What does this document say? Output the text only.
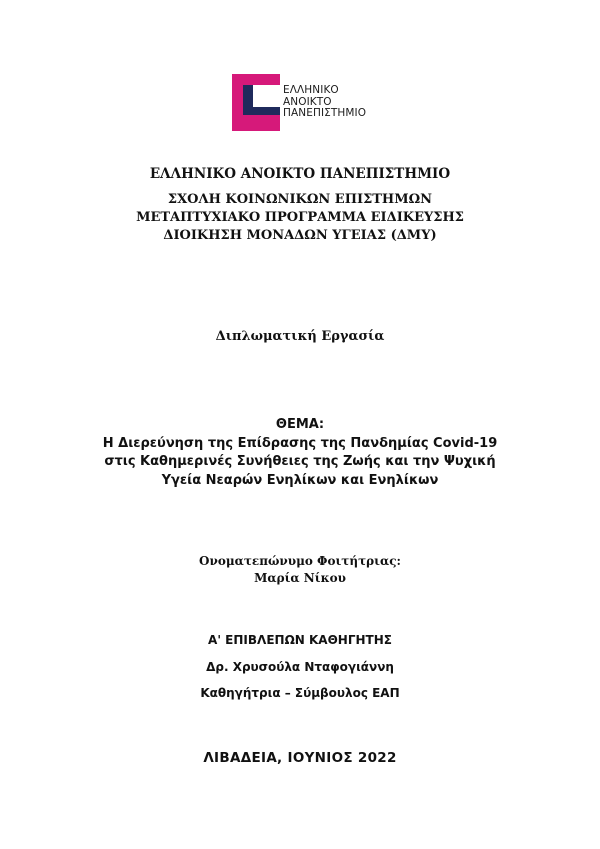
ΕΛΛΗΝΙΚΟ
ΑΝΟΙΚΤΟ
ΠΑΝΕΠΙΣΤΗΜΙΟ
ΕΛΛΗΝΙΚΟ ΑΝΟΙΚΤΟ ΠΑΝΕΠΙΣΤΗΜΙΟ
ΣΧΟΛΗ ΚΟΙΝΩΝΙΚΩΝ ΕΠΙΣΤΗΜΩΝ
ΜΕΤΑΠΤΥΧΙΑΚΟ ΠΡΟΓΡΑΜΜΑ ΕΙΔΙΚΕΥΣΗΣ
ΔΙΟΙΚΗΣΗ ΜΟΝΑΔΩΝ ΥΓΕΙΑΣ (ΔΜΥ)
Διπλωματική Εργασία
ΘΕΜΑ:
Η Διερεύνηση της Επίδρασης της Πανδημίας Covid-19
στις Καθημερινές Συνήθειες της Ζωής και την Ψυχική
Υγεία Νεαρών Ενηλίκων και Ενηλίκων
Ονοματεπώνυμο Φοιτήτριας:
Μαρία Νίκου
Α' ΕΠΙΒΛΕΠΩΝ ΚΑΘΗΓΗΤΗΣ
Δρ. Χρυσούλα Νταφογιάννη
Καθηγήτρια – Σύμβουλος ΕΑΠ
ΛΙΒΑΔΕΙΑ, ΙΟΥΝΙΟΣ 2022
